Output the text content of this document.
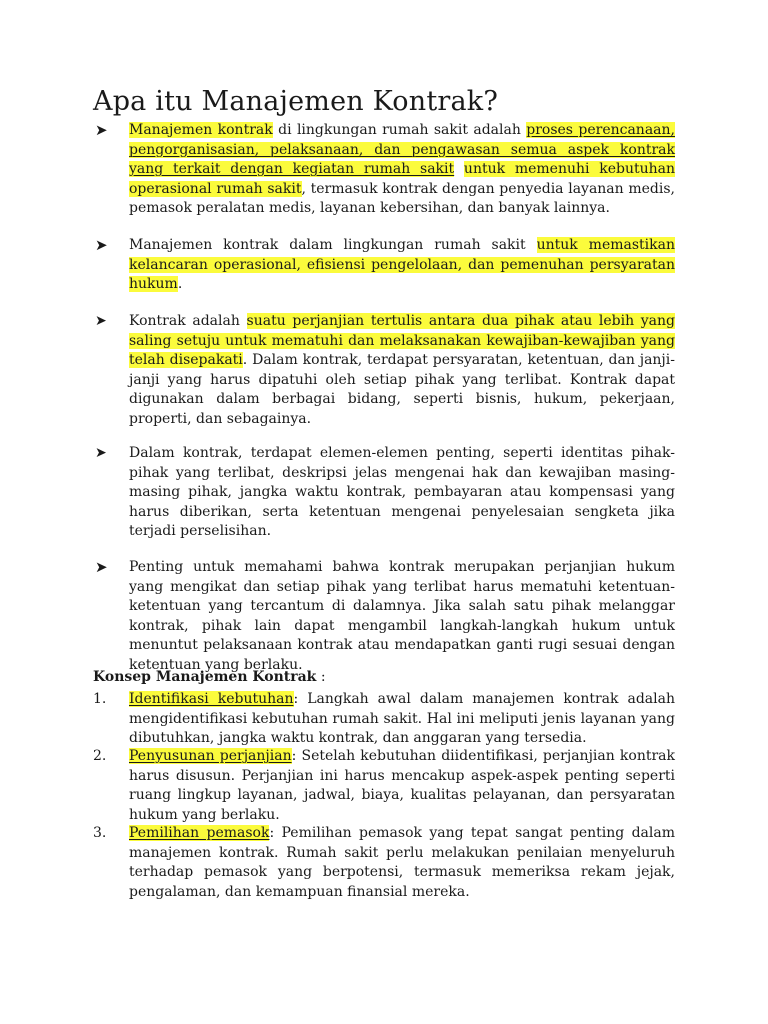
Apa itu Manajemen Kontrak?
➤ Manajemen kontrak di lingkungan rumah sakit adalah proses perencanaan, pengorganisasian, pelaksanaan, dan pengawasan semua aspek kontrak yang terkait dengan kegiatan rumah sakit untuk memenuhi kebutuhan operasional rumah sakit, termasuk kontrak dengan penyedia layanan medis, pemasok peralatan medis, layanan kebersihan, dan banyak lainnya.
➤ Manajemen kontrak dalam lingkungan rumah sakit untuk memastikan kelancaran operasional, efisiensi pengelolaan, dan pemenuhan persyaratan hukum.
➤ Kontrak adalah suatu perjanjian tertulis antara dua pihak atau lebih yang saling setuju untuk mematuhi dan melaksanakan kewajiban-kewajiban yang telah disepakati. Dalam kontrak, terdapat persyaratan, ketentuan, dan janji-janji yang harus dipatuhi oleh setiap pihak yang terlibat. Kontrak dapat digunakan dalam berbagai bidang, seperti bisnis, hukum, pekerjaan, properti, dan sebagainya.
➤ Dalam kontrak, terdapat elemen-elemen penting, seperti identitas pihak-pihak yang terlibat, deskripsi jelas mengenai hak dan kewajiban masing-masing pihak, jangka waktu kontrak, pembayaran atau kompensasi yang harus diberikan, serta ketentuan mengenai penyelesaian sengketa jika terjadi perselisihan.
➤ Penting untuk memahami bahwa kontrak merupakan perjanjian hukum yang mengikat dan setiap pihak yang terlibat harus mematuhi ketentuan-ketentuan yang tercantum di dalamnya. Jika salah satu pihak melanggar kontrak, pihak lain dapat mengambil langkah-langkah hukum untuk menuntut pelaksanaan kontrak atau mendapatkan ganti rugi sesuai dengan ketentuan yang berlaku.
Konsep Manajemen Kontrak :
1. Identifikasi kebutuhan: Langkah awal dalam manajemen kontrak adalah mengidentifikasi kebutuhan rumah sakit. Hal ini meliputi jenis layanan yang dibutuhkan, jangka waktu kontrak, dan anggaran yang tersedia.
2. Penyusunan perjanjian: Setelah kebutuhan diidentifikasi, perjanjian kontrak harus disusun. Perjanjian ini harus mencakup aspek-aspek penting seperti ruang lingkup layanan, jadwal, biaya, kualitas pelayanan, dan persyaratan hukum yang berlaku.
3. Pemilihan pemasok: Pemilihan pemasok yang tepat sangat penting dalam manajemen kontrak. Rumah sakit perlu melakukan penilaian menyeluruh terhadap pemasok yang berpotensi, termasuk memeriksa rekam jejak, pengalaman, dan kemampuan finansial mereka.
